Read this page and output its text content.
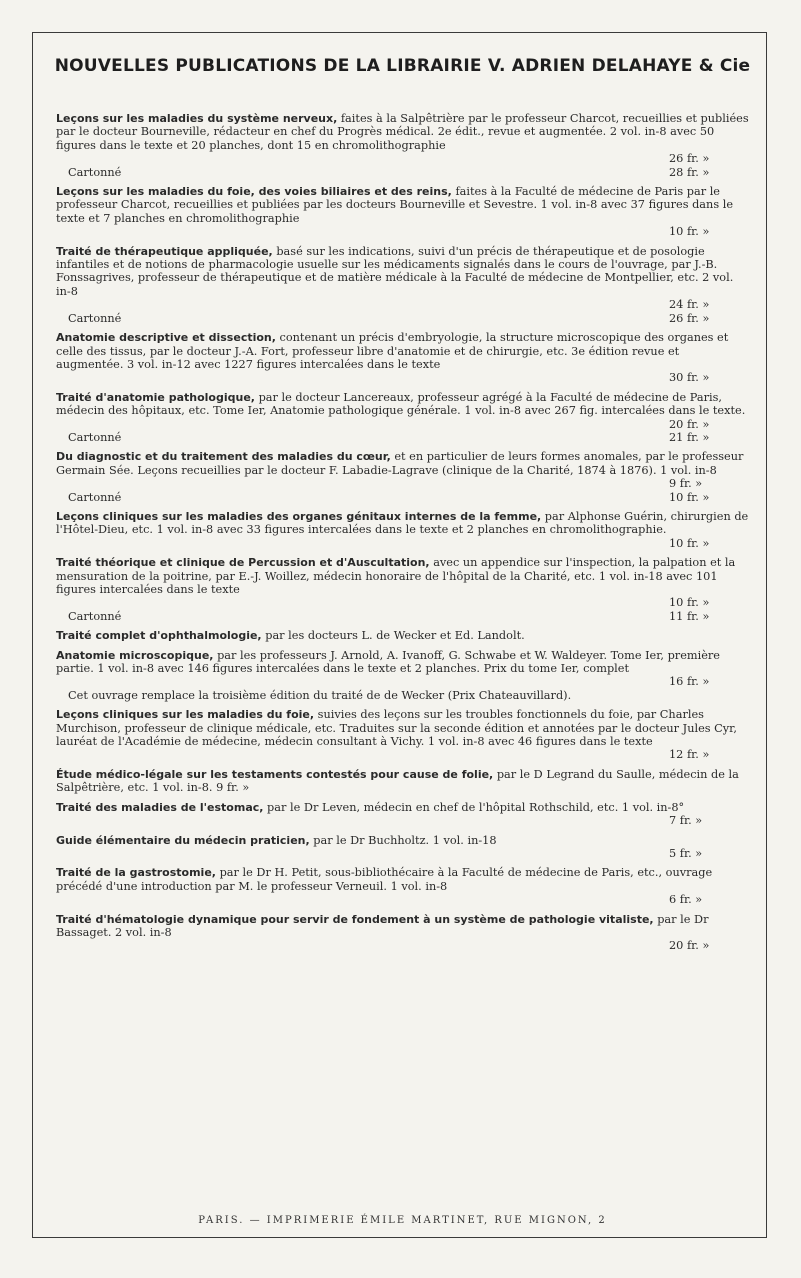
NOUVELLES PUBLICATIONS DE LA LIBRAIRIE V. ADRIEN DELAHAYE & Cie
Leçons sur les maladies du système nerveux, faites à la Salpêtrière par le professeur Charcot, recueillies et publiées par le docteur Bourneville, rédacteur en chef du Progrès médical. 2e édit., revue et augmentée. 2 vol. in-8 avec 50 figures dans le texte et 20 planches, dont 15 en chromolithographie
26 fr. »
Cartonné	28 fr. »
Leçons sur les maladies du foie, des voies biliaires et des reins, faites à la Faculté de médecine de Paris par le professeur Charcot, recueillies et publiées par les docteurs Bourneville et Sevestre. 1 vol. in-8 avec 37 figures dans le texte et 7 planches en chromolithographie
10 fr. »
Traité de thérapeutique appliquée, basé sur les indications, suivi d'un précis de thérapeutique et de posologie infantiles et de notions de pharmacologie usuelle sur les médicaments signalés dans le cours de l'ouvrage, par J.-B. Fonssagrives, professeur de thérapeutique et de matière médicale à la Faculté de médecine de Montpellier, etc. 2 vol. in-8
24 fr. »
Cartonné	26 fr. »
Anatomie descriptive et dissection, contenant un précis d'embryologie, la structure microscopique des organes et celle des tissus, par le docteur J.-A. Fort, professeur libre d'anatomie et de chirurgie, etc. 3e édition revue et augmentée. 3 vol. in-12 avec 1227 figures intercalées dans le texte
30 fr. »
Traité d'anatomie pathologique, par le docteur Lancereaux, professeur agrégé à la Faculté de médecine de Paris, médecin des hôpitaux, etc. Tome Ier, Anatomie pathologique générale. 1 vol. in-8 avec 267 fig. intercalées dans le texte.
20 fr. »
Cartonné	21 fr. »
Du diagnostic et du traitement des maladies du cœur, et en particulier de leurs formes anomales, par le professeur Germain Sée. Leçons recueillies par le docteur F. Labadie-Lagrave (clinique de la Charité, 1874 à 1876). 1 vol. in-8
9 fr. »
Cartonné	10 fr. »
Leçons cliniques sur les maladies des organes génitaux internes de la femme, par Alphonse Guérin, chirurgien de l'Hôtel-Dieu, etc. 1 vol. in-8 avec 33 figures intercalées dans le texte et 2 planches en chromolithographie.
10 fr. »
Traité théorique et clinique de Percussion et d'Auscultation, avec un appendice sur l'inspection, la palpation et la mensuration de la poitrine, par E.-J. Woillez, médecin honoraire de l'hôpital de la Charité, etc. 1 vol. in-18 avec 101 figures intercalées dans le texte
10 fr. »
Cartonné	11 fr. »
Traité complet d'ophthalmologie, par les docteurs L. de Wecker et Ed. Landolt.
Anatomie microscopique, par les professeurs J. Arnold, A. Ivanoff, G. Schwabe et W. Waldeyer. Tome Ier, première partie. 1 vol. in-8 avec 146 figures intercalées dans le texte et 2 planches. Prix du tome Ier, complet
16 fr. »
Cet ouvrage remplace la troisième édition du traité de de Wecker (Prix Chateauvillard).
Leçons cliniques sur les maladies du foie, suivies des leçons sur les troubles fonctionnels du foie, par Charles Murchison, professeur de clinique médicale, etc. Traduites sur la seconde édition et annotées par le docteur Jules Cyr, lauréat de l'Académie de médecine, médecin consultant à Vichy. 1 vol. in-8 avec 46 figures dans le texte
12 fr. »
Étude médico-légale sur les testaments contestés pour cause de folie, par le D Legrand du Saulle, médecin de la Salpêtrière, etc. 1 vol. in-8. 9 fr. »
Traité des maladies de l'estomac, par le Dr Leven, médecin en chef de l'hôpital Rothschild, etc. 1 vol. in-8°
7 fr. »
Guide élémentaire du médecin praticien, par le Dr Buchholtz. 1 vol. in-18
5 fr. »
Traité de la gastrostomie, par le Dr H. Petit, sous-bibliothécaire à la Faculté de médecine de Paris, etc., ouvrage précédé d'une introduction par M. le professeur Verneuil. 1 vol. in-8
6 fr. »
Traité d'hématologie dynamique pour servir de fondement à un système de pathologie vitaliste, par le Dr Bassaget. 2 vol. in-8
20 fr. »
PARIS. — IMPRIMERIE ÉMILE MARTINET, RUE MIGNON, 2
